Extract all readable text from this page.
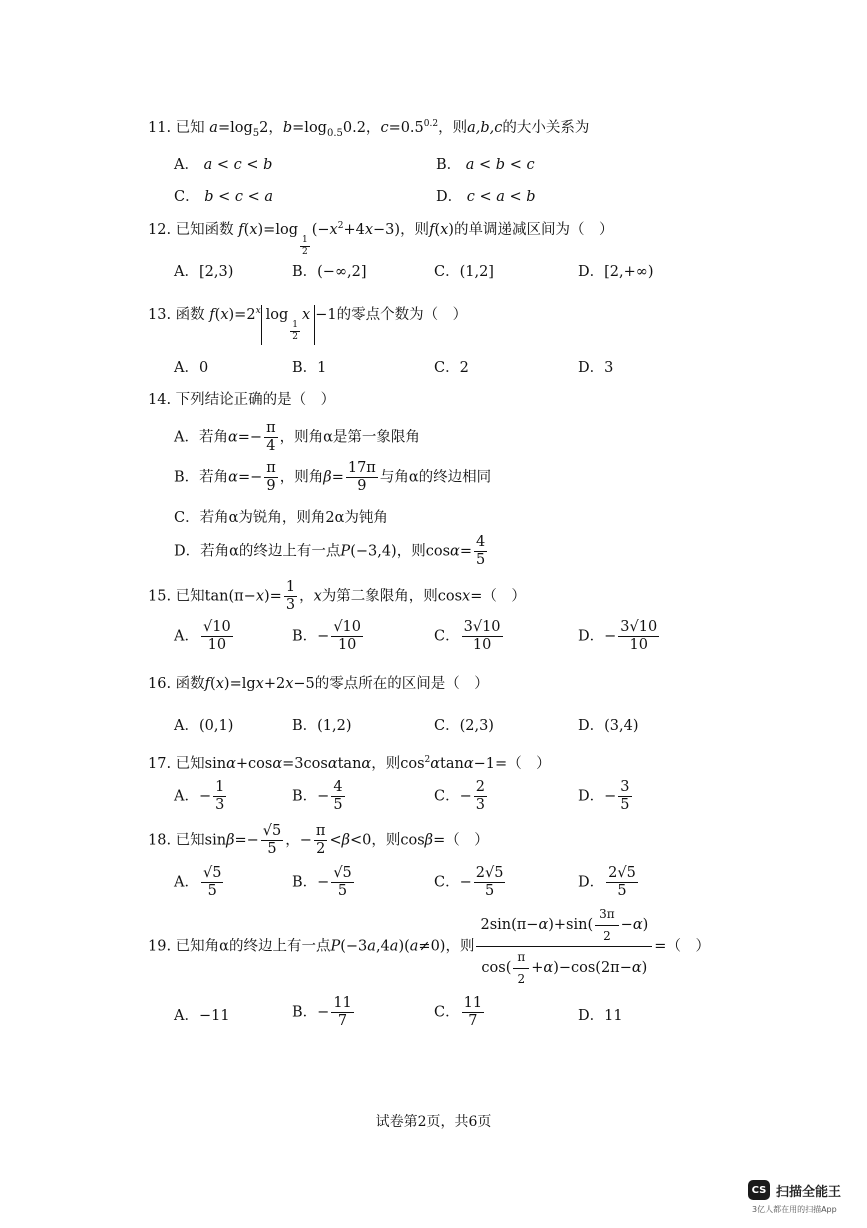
11. 已知 $a=\log_52$，$b=\log_{0.5}0.2$，$c=0.5^{0.2}$，则a,b,c的大小关系为
A． a < c < b	B． a < b < c
C． b < c < a	D． c < a < b
12. 已知函数 f(x)=log
$\frac{1}{2}$
$(-x^2+4x-3)$，则f(x)的单调递减区间为（　）
A．[2,3)	B．(−∞,2]	C．(1,2]	D．[2,+∞)
13. 函数 $f(x)=2^x$ log
$\frac{1}{2}$
x −1的零点个数为（　）
A．0	B．1	C．2	D．3
14. 下列结论正确的是（　）
A．若角$\alpha=- \frac{\pi}{4}$ ，则角α是第一象限角
B．若角$\alpha=- \frac{\pi}{9}$ ，则角$\beta= \frac{17\pi}{9}$ 与角α的终边相同
C．若角α为锐角，则角2α为钝角
D．若角α的终边上有一点P(−3,4)，则$\cos\alpha= \frac{4}{5}$
15. 已知$\tan(\pi-x)= \frac{1}{3}$ ，x为第二象限角，则cosx=（　）
A． $\frac{√10}{10}$	B．− $\frac{√10}{10}$	C． $\frac{3√10}{10}$	D．− $\frac{3√10}{10}$
16. 函数f(x)=lgx+2x−5的零点所在的区间是（　）
A．(0,1)	B．(1,2)	C．(2,3)	D．(3,4)
17. 已知sinα+cosα=3cosαtanα，则$\cos^2\alpha\tan\alpha-1=$（　）
A．− $\frac{1}{3}$	B．− $\frac{4}{5}$	C．− $\frac{2}{3}$	D．− $\frac{3}{5}$
18. 已知$\sin\beta=- \frac{√5}{5}$ ，− $\frac{\pi}{2} <\beta<0$，则cosβ=（　）
A． $\frac{√5}{5}$	B．− $\frac{√5}{5}$	C．− $\frac{2√5}{5}$	D． $\frac{2√5}{5}$
19. 已知角α的终边上有一点P(−3a,4a)(a≠0)，则 $\frac{2\sin(\pi-\alpha)+\sin( \frac{3\pi}{2} -\alpha)}{\cos( \frac{\pi}{2} +\alpha)-\cos(2\pi-\alpha)}$ =（　）
A．−11	B．− $\frac{11}{7}$	C． $\frac{11}{7}$	D．11
试卷第2页，共6页
CS 扫描全能王
3亿人都在用的扫描App
